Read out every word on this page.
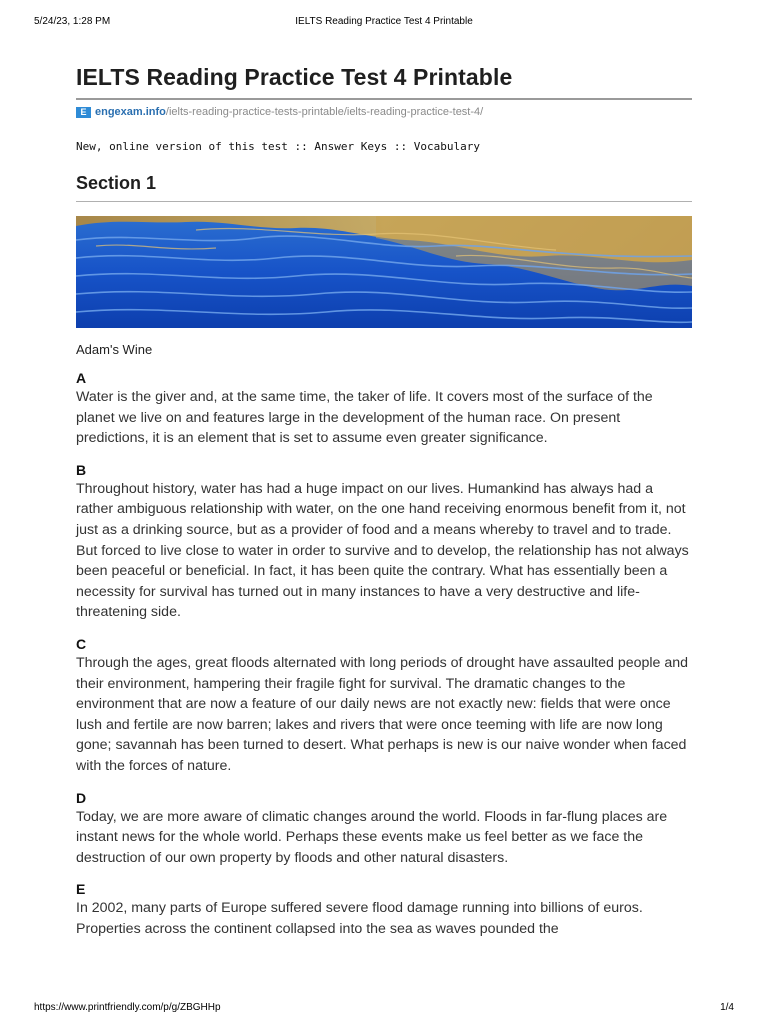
5/24/23, 1:28 PM	IELTS Reading Practice Test 4 Printable
IELTS Reading Practice Test 4 Printable
E engexam.info/ielts-reading-practice-tests-printable/ielts-reading-practice-test-4/
New, online version of this test :: Answer Keys :: Vocabulary
Section 1
Adam's Wine
A
Water is the giver and, at the same time, the taker of life. It covers most of the surface of the planet we live on and features large in the development of the human race. On present predictions, it is an element that is set to assume even greater significance.
B
Throughout history, water has had a huge impact on our lives. Humankind has always had a rather ambiguous relationship with water, on the one hand receiving enormous benefit from it, not just as a drinking source, but as a provider of food and a means whereby to travel and to trade. But forced to live close to water in order to survive and to develop, the relationship has not always been peaceful or beneficial. In fact, it has been quite the contrary. What has essentially been a necessity for survival has turned out in many instances to have a very destructive and life-threatening side.
C
Through the ages, great floods alternated with long periods of drought have assaulted people and their environment, hampering their fragile fight for survival. The dramatic changes to the environment that are now a feature of our daily news are not exactly new: fields that were once lush and fertile are now barren; lakes and rivers that were once teeming with life are now long gone; savannah has been turned to desert. What perhaps is new is our naive wonder when faced with the forces of nature.
D
Today, we are more aware of climatic changes around the world. Floods in far-flung places are instant news for the whole world. Perhaps these events make us feel better as we face the destruction of our own property by floods and other natural disasters.
E
In 2002, many parts of Europe suffered severe flood damage running into billions of euros. Properties across the continent collapsed into the sea as waves pounded the
https://www.printfriendly.com/p/g/ZBGHHp	1/4
